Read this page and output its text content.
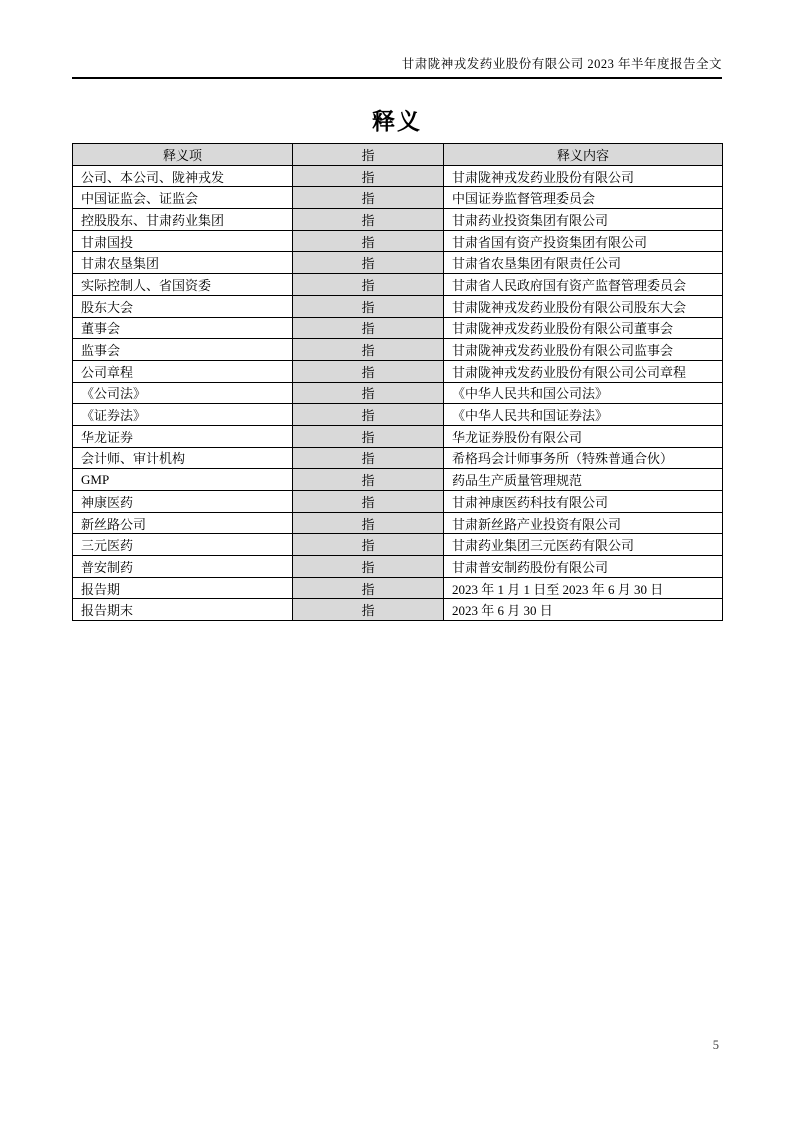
甘肃陇神戎发药业股份有限公司 2023 年半年度报告全文
释义
释义项	指	释义内容
公司、本公司、陇神戎发	指	甘肃陇神戎发药业股份有限公司
中国证监会、证监会	指	中国证券监督管理委员会
控股股东、甘肃药业集团	指	甘肃药业投资集团有限公司
甘肃国投	指	甘肃省国有资产投资集团有限公司
甘肃农垦集团	指	甘肃省农垦集团有限责任公司
实际控制人、省国资委	指	甘肃省人民政府国有资产监督管理委员会
股东大会	指	甘肃陇神戎发药业股份有限公司股东大会
董事会	指	甘肃陇神戎发药业股份有限公司董事会
监事会	指	甘肃陇神戎发药业股份有限公司监事会
公司章程	指	甘肃陇神戎发药业股份有限公司公司章程
《公司法》	指	《中华人民共和国公司法》
《证券法》	指	《中华人民共和国证券法》
华龙证券	指	华龙证券股份有限公司
会计师、审计机构	指	希格玛会计师事务所（特殊普通合伙）
GMP	指	药品生产质量管理规范
神康医药	指	甘肃神康医药科技有限公司
新丝路公司	指	甘肃新丝路产业投资有限公司
三元医药	指	甘肃药业集团三元医药有限公司
普安制药	指	甘肃普安制药股份有限公司
报告期	指	2023 年 1 月 1 日至 2023 年 6 月 30 日
报告期末	指	2023 年 6 月 30 日
5
